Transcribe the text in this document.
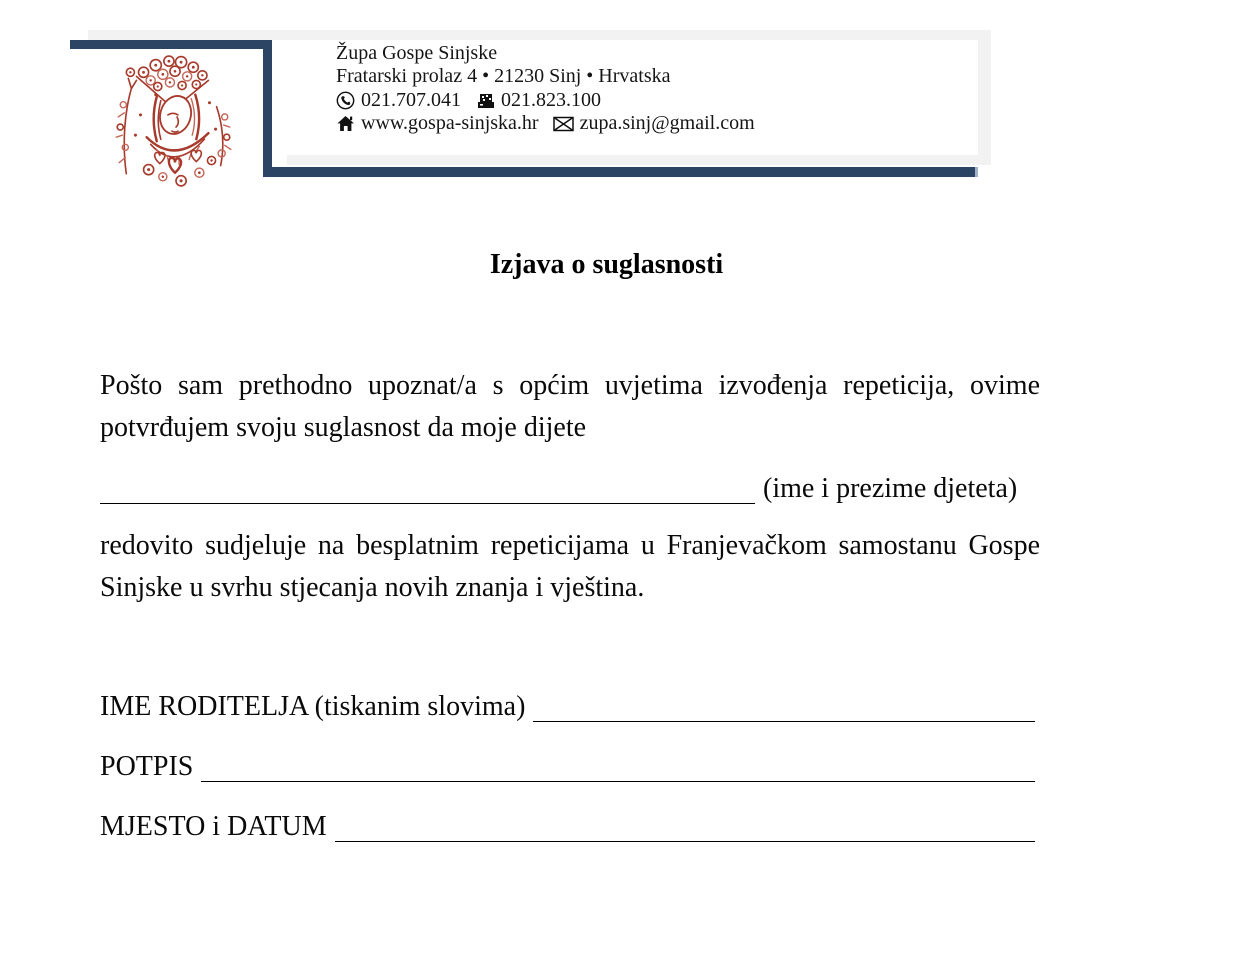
Župa Gospe Sinjske
Fratarski prolaz 4 • 21230 Sinj • Hrvatska
021.707.041 021.823.100
www.gospa-sinjska.hr zupa.sinj@gmail.com
Izjava o suglasnosti
Pošto sam prethodno upoznat/a s općim uvjetima izvođenja repeticija, ovime potvrđujem svoju suglasnost da moje dijete
(ime i prezime djeteta)
redovito sudjeluje na besplatnim repeticijama u Franjevačkom samostanu Gospe Sinjske u svrhu stjecanja novih znanja i vještina.
IME RODITELJA (tiskanim slovima)
POTPIS
MJESTO i DATUM
